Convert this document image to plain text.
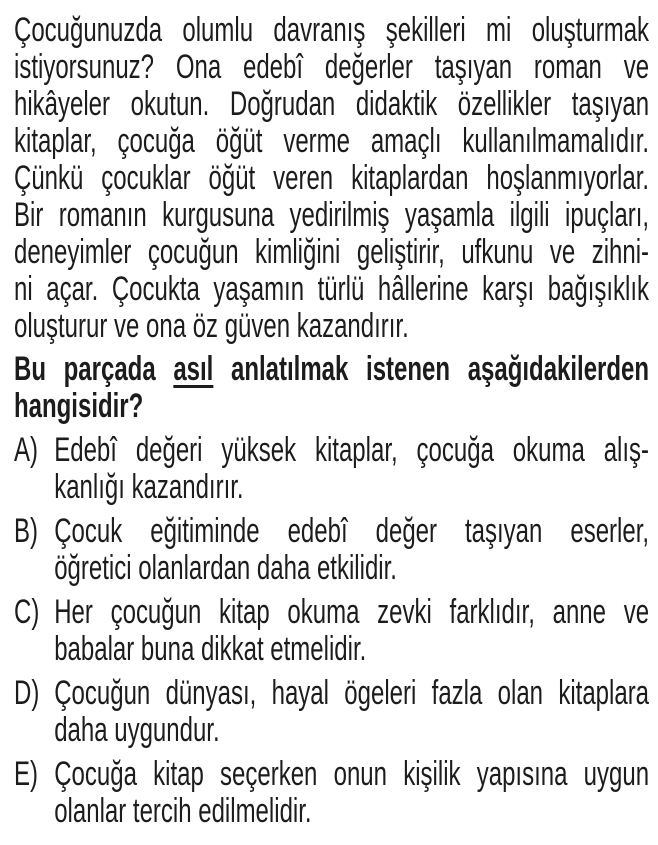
Çocuğunuzda olumlu davranış şekilleri mi oluşturmak
istiyorsunuz? Ona edebî değerler taşıyan roman ve
hikâyeler okutun. Doğrudan didaktik özellikler taşıyan
kitaplar, çocuğa öğüt verme amaçlı kullanılmamalıdır.
Çünkü çocuklar öğüt veren kitaplardan hoşlanmıyorlar.
Bir romanın kurgusuna yedirilmiş yaşamla ilgili ipuçları,
deneyimler çocuğun kimliğini geliştirir, ufkunu ve zihni-
ni açar. Çocukta yaşamın türlü hâllerine karşı bağışıklık
oluşturur ve ona öz güven kazandırır.
Bu parçada asıl anlatılmak istenen aşağıdakilerden
hangisidir?
A) Edebî değeri yüksek kitaplar, çocuğa okuma alış-
kanlığı kazandırır.
B) Çocuk eğitiminde edebî değer taşıyan eserler,
öğretici olanlardan daha etkilidir.
C) Her çocuğun kitap okuma zevki farklıdır, anne ve
babalar buna dikkat etmelidir.
D) Çocuğun dünyası, hayal ögeleri fazla olan kitaplara
daha uygundur.
E) Çocuğa kitap seçerken onun kişilik yapısına uygun
olanlar tercih edilmelidir.
